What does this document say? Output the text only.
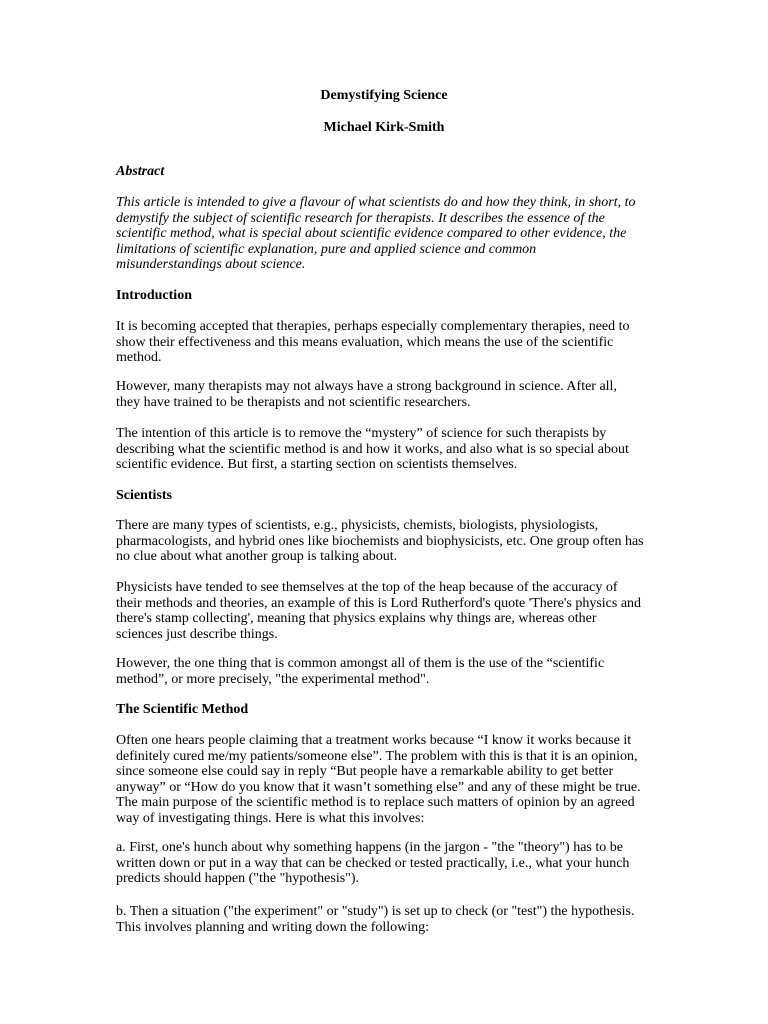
Demystifying Science
Michael Kirk-Smith
Abstract
This article is intended to give a flavour of what scientists do and how they think, in short, to
demystify the subject of scientific research for therapists. It describes the essence of the
scientific method, what is special about scientific evidence compared to other evidence, the
limitations of scientific explanation, pure and applied science and common
misunderstandings about science.
Introduction
It is becoming accepted that therapies, perhaps especially complementary therapies, need to
show their effectiveness and this means evaluation, which means the use of the scientific
method.
However, many therapists may not always have a strong background in science. After all,
they have trained to be therapists and not scientific researchers.
The intention of this article is to remove the “mystery” of science for such therapists by
describing what the scientific method is and how it works, and also what is so special about
scientific evidence. But first, a starting section on scientists themselves.
Scientists
There are many types of scientists, e.g., physicists, chemists, biologists, physiologists,
pharmacologists, and hybrid ones like biochemists and biophysicists, etc. One group often has
no clue about what another group is talking about.
Physicists have tended to see themselves at the top of the heap because of the accuracy of
their methods and theories, an example of this is Lord Rutherford's quote 'There's physics and
there's stamp collecting', meaning that physics explains why things are, whereas other
sciences just describe things.
However, the one thing that is common amongst all of them is the use of the “scientific
method”, or more precisely, "the experimental method".
The Scientific Method
Often one hears people claiming that a treatment works because “I know it works because it
definitely cured me/my patients/someone else”. The problem with this is that it is an opinion,
since someone else could say in reply “But people have a remarkable ability to get better
anyway” or “How do you know that it wasn’t something else” and any of these might be true.
The main purpose of the scientific method is to replace such matters of opinion by an agreed
way of investigating things. Here is what this involves:
a. First, one's hunch about why something happens (in the jargon - "the "theory") has to be
written down or put in a way that can be checked or tested practically, i.e., what your hunch
predicts should happen ("the "hypothesis").
b. Then a situation ("the experiment" or "study") is set up to check (or "test") the hypothesis.
This involves planning and writing down the following:
